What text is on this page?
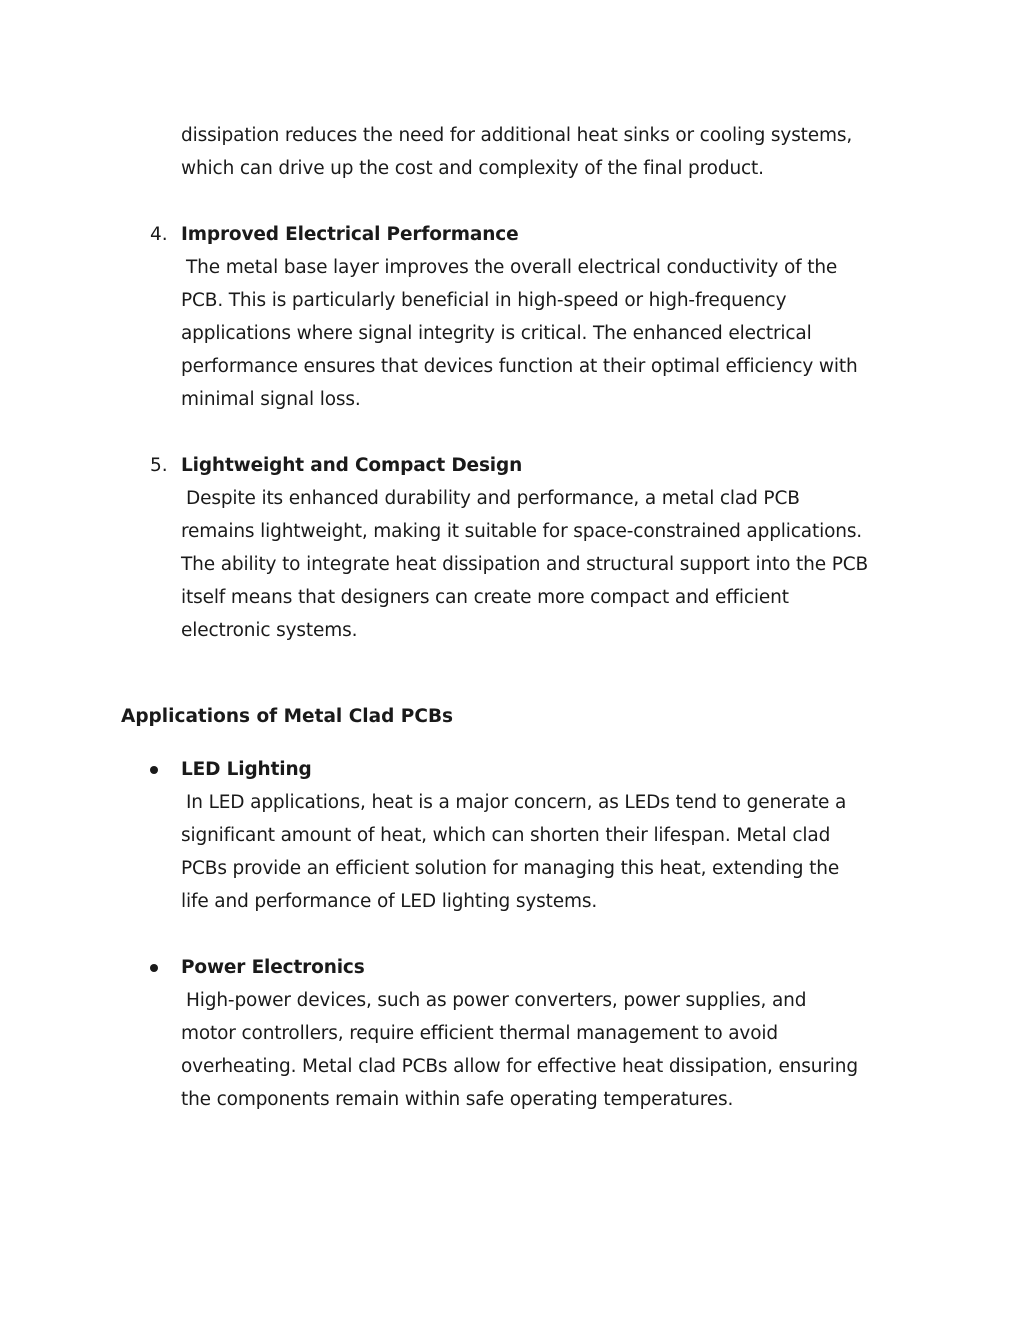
dissipation reduces the need for additional heat sinks or cooling systems,
which can drive up the cost and complexity of the final product.
4. Improved Electrical Performance
The metal base layer improves the overall electrical conductivity of the
PCB. This is particularly beneficial in high-speed or high-frequency
applications where signal integrity is critical. The enhanced electrical
performance ensures that devices function at their optimal efficiency with
minimal signal loss.
5. Lightweight and Compact Design
Despite its enhanced durability and performance, a metal clad PCB
remains lightweight, making it suitable for space-constrained applications.
The ability to integrate heat dissipation and structural support into the PCB
itself means that designers can create more compact and efficient
electronic systems.
Applications of Metal Clad PCBs
LED Lighting
In LED applications, heat is a major concern, as LEDs tend to generate a
significant amount of heat, which can shorten their lifespan. Metal clad
PCBs provide an efficient solution for managing this heat, extending the
life and performance of LED lighting systems.
Power Electronics
High-power devices, such as power converters, power supplies, and
motor controllers, require efficient thermal management to avoid
overheating. Metal clad PCBs allow for effective heat dissipation, ensuring
the components remain within safe operating temperatures.
